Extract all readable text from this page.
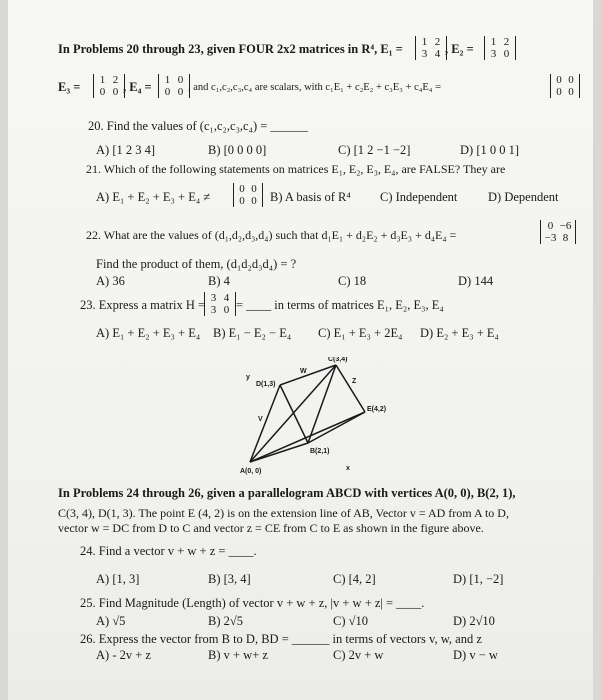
In Problems 20 through 23, given FOUR 2x2 matrices in R⁴, E₁ =	1 2
3 4 , E₂ =	1 2
3 0
E₃ =	1 2
0 0 , E₄ =	1 0
0 0 , and c₁,c₂,c₃,c₄ are scalars, with c₁E₁ + c₂E₂ + c₃E₃ + c₄E₄ =
0 0
0 0
20. Find the values of (c₁,c₂,c₃,c₄) = ______
A) [1 2 3 4]	B) [0 0 0 0]	C) [1 2 −1 −2]	D) [1 0 0 1]
21. Which of the following statements on matrices E₁, E₂, E₃, E₄, are FALSE? They are
A) E₁ + E₂ + E₃ + E₄ ≠
0 0
0 0 B) A basis of R⁴ C) Independent D) Dependent
22. What are the values of (d₁,d₂,d₃,d₄) such that d₁E₁ + d₂E₂ + d₃E₃ + d₄E₄ =
0 −6
−3 8
Find the product of them, (d₁d₂d₃d₄) = ?
A) 36	B) 4	C) 18	D) 144
23. Express a matrix H = 3 4
3 0 = ____ in terms of matrices E₁, E₂, E₃, E₄
A) E₁ + E₂ + E₃ + E₄ B) E₁ − E₂ − E₄ C) E₁ + E₃ + 2E₄ D) E₂ + E₃ + E₄
A(0, 0)
B(2,1)
C(3,4)
D(1,3)
E(4,2)
x
y
V
W
Z
In Problems 24 through 26, given a parallelogram ABCD with vertices A(0, 0), B(2, 1),
C(3, 4), D(1, 3). The point E (4, 2) is on the extension line of AB, Vector v = AD from A to D,
vector w = DC from D to C and vector z = CE from C to E as shown in the figure above.
24. Find a vector v + w + z = ____.
A) [1, 3]	B) [3, 4]	C) [4, 2]	D) [1, −2]
25. Find Magnitude (Length) of vector v + w + z, |v + w + z| = ____.
A) √5	B) 2√5	C) √10	D) 2√10
26. Express the vector from B to D, BD = ______ in terms of vectors v, w, and z
A) - 2v + z	B) v + w+ z	C) 2v + w	D) v − w
